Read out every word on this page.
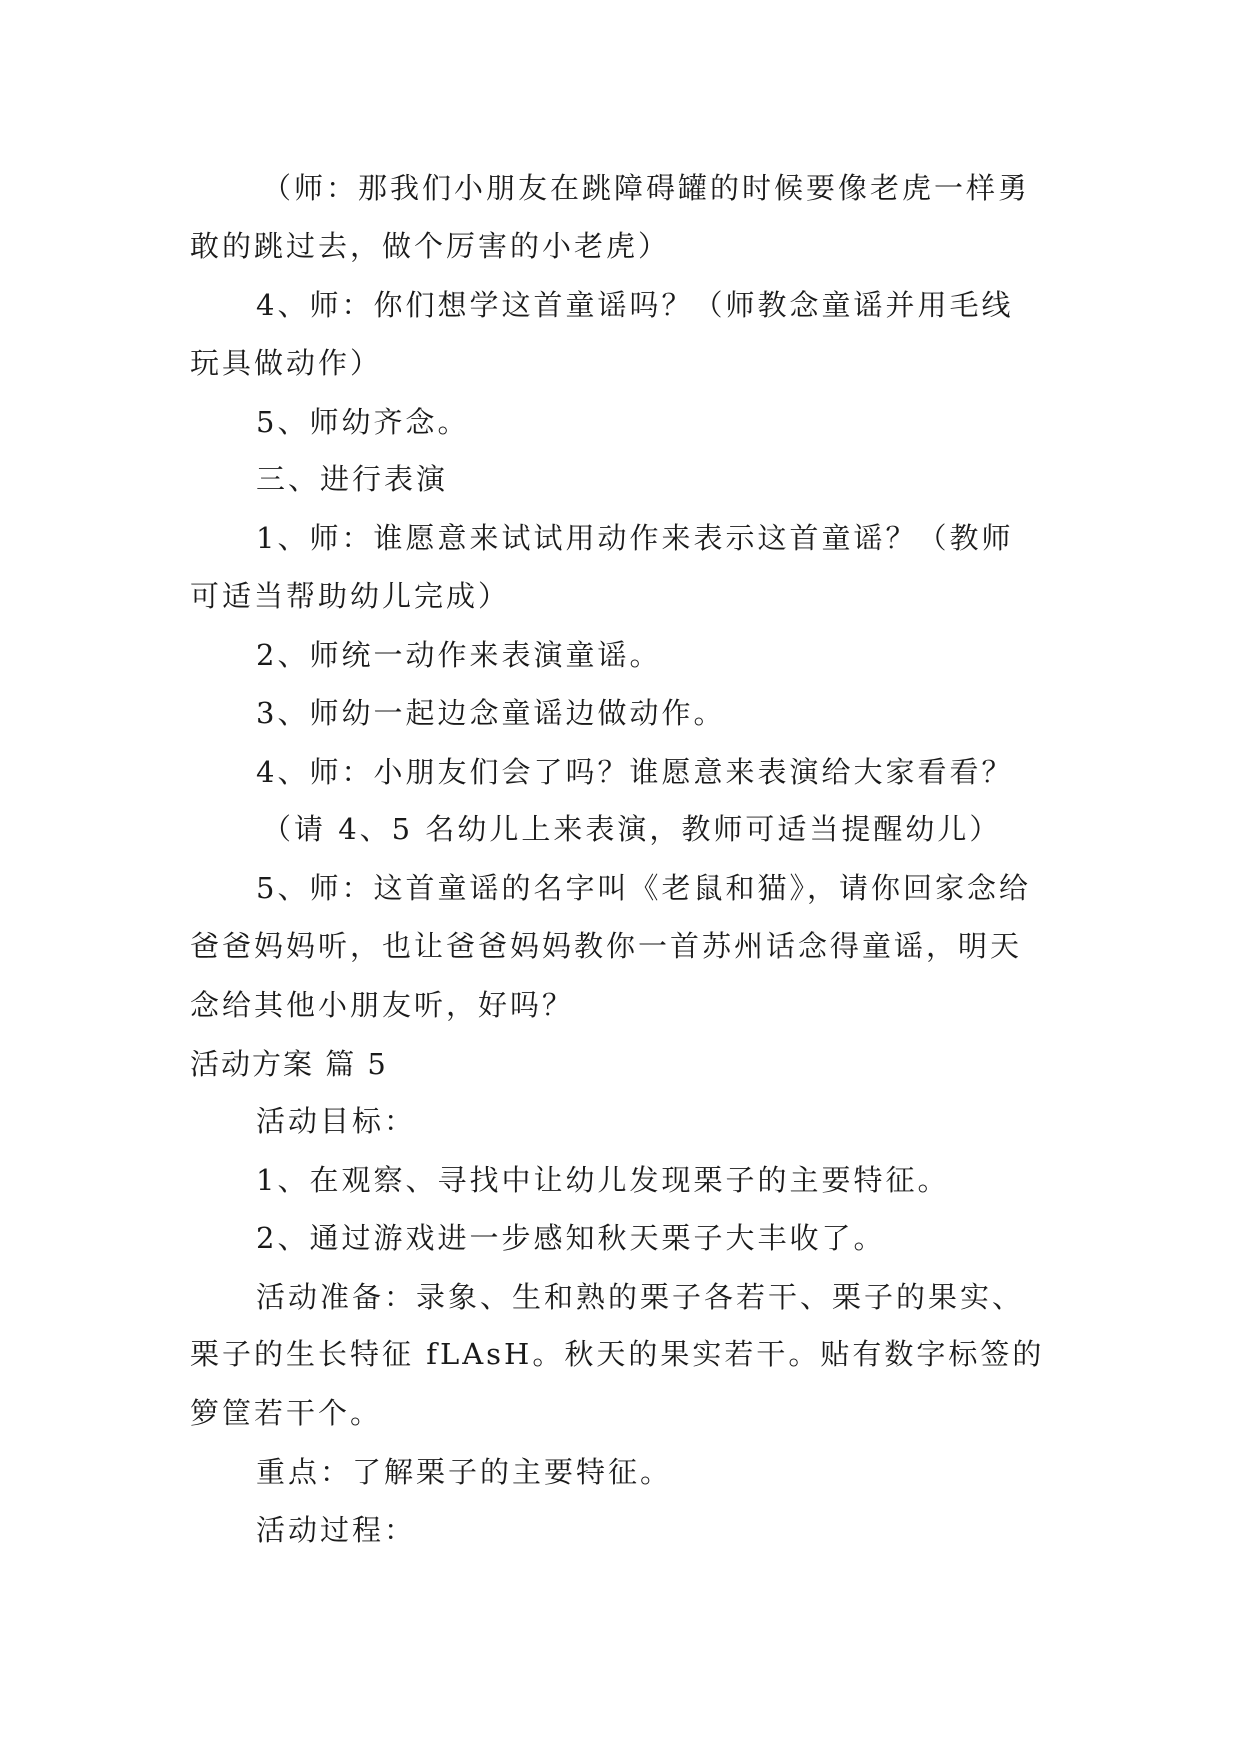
（师：那我们小朋友在跳障碍罐的时候要像老虎一样勇
敢的跳过去，做个厉害的小老虎）
4、师：你们想学这首童谣吗？（师教念童谣并用毛线
玩具做动作）
5、师幼齐念。
三、进行表演
1、师：谁愿意来试试用动作来表示这首童谣？（教师
可适当帮助幼儿完成）
2、师统一动作来表演童谣。
3、师幼一起边念童谣边做动作。
4、师：小朋友们会了吗？谁愿意来表演给大家看看？
（请 4、5 名幼儿上来表演，教师可适当提醒幼儿）
5、师：这首童谣的名字叫《老鼠和猫》，请你回家念给
爸爸妈妈听，也让爸爸妈妈教你一首苏州话念得童谣，明天
念给其他小朋友听，好吗？
活动方案 篇 5
活动目标：
1、在观察、寻找中让幼儿发现栗子的主要特征。
2、通过游戏进一步感知秋天栗子大丰收了。
活动准备：录象、生和熟的栗子各若干、栗子的果实、
栗子的生长特征 fLAsH。秋天的果实若干。贴有数字标签的
箩筐若干个。
重点：了解栗子的主要特征。
活动过程：
